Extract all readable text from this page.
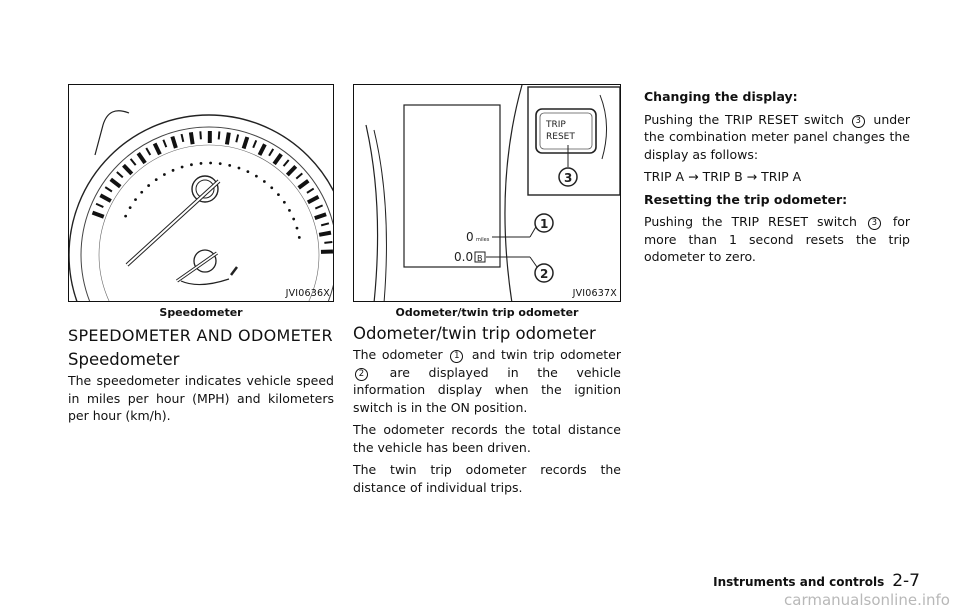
JVI0636X
Speedometer
0 miles
0.0 B
1
2
TRIP
RESET
3
JVI0637X
Odometer/twin trip odometer
SPEEDOMETER AND ODOMETER
Speedometer

The speedometer indicates vehicle speed in miles per hour (MPH) and kilometers per hour (km/h).

Odometer/twin trip odometer

The odometer 1 and twin trip odometer 2 are displayed in the vehicle information display when the ignition switch is in the ON position.

The odometer records the total distance the vehicle has been driven.

The twin trip odometer records the distance of individual trips.

Changing the display:

Pushing the TRIP RESET switch 3 under the combination meter panel changes the display as follows:

TRIP A → TRIP B → TRIP A

Resetting the trip odometer:

Pushing the TRIP RESET switch 3 for more than 1 second resets the trip odometer to zero.

Instruments and controls 2-7
carmanualsonline.info
